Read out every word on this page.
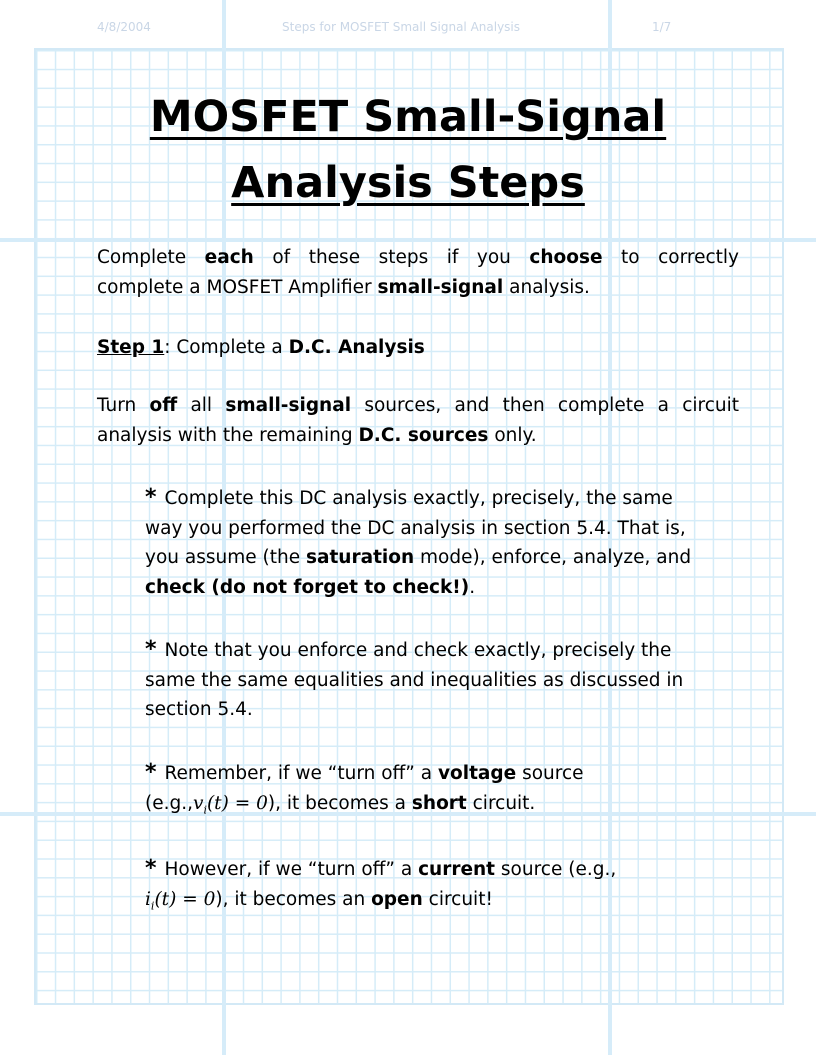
4/8/2004	Steps for MOSFET Small Signal Analysis	1/7
MOSFET Small-Signal
Analysis Steps
Complete each of these steps if you choose to correctly
complete a MOSFET Amplifier small-signal analysis.
Step 1: Complete a D.C. Analysis
Turn off all small-signal sources, and then complete a circuit
analysis with the remaining D.C. sources only.
* Complete this DC analysis exactly, precisely, the same
way you performed the DC analysis in section 5.4. That is,
you assume (the saturation mode), enforce, analyze, and
check (do not forget to check!).
* Note that you enforce and check exactly, precisely the
same the same equalities and inequalities as discussed in
section 5.4.
* Remember, if we “turn off” a voltage source
$(e.g.,v_i(t) = 0)$, it becomes a short circuit.
* However, if we “turn off” a current source (e.g.,
$i_i(t) = 0$), it becomes an open circuit!
